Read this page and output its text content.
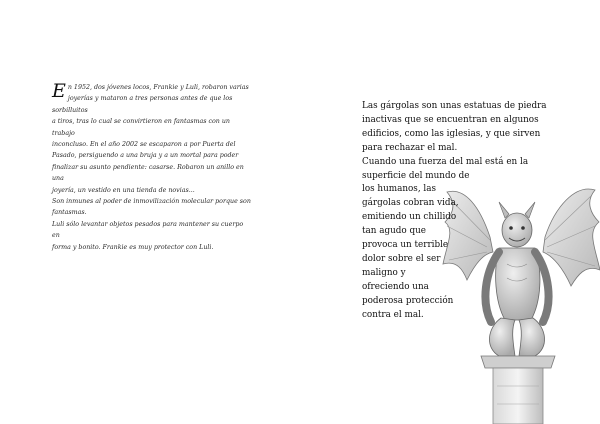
E n 1952, dos jóvenes locos, Frankie y Luli, robaron varias

joyerías y mataron a tres personas antes de que los sorbilluitos

a tiros, tras lo cual se convirtieron en fantasmas con un trabajo

inconcluso. En el año 2002 se escaparon a por Puerta del

Pasado, persiguendo a una bruja y a un mortal para poder

finalizar su asunto pendiente: casarse. Robaron un anillo en una

joyería, un vestido en una tienda de novias...

Son inmunes al poder de inmovilización molecular porque son

fantasmas.

Luli sólo levantar objetos pesados para mantener su cuerpo en

forma y bonito. Frankie es muy protector con Luli.

Las gárgolas son unas estatuas de piedra
inactivas que se encuentran en algunos
edificios, como las iglesias, y que sirven
para rechazar el mal.
Cuando una fuerza del mal está en la
superficie del mundo de
los humanos, las
gárgolas cobran vida,
emitiendo un chillido
tan agudo que
provoca un terrible
dolor sobre el ser
maligno y
ofreciendo una
poderosa protección
contra el mal.
